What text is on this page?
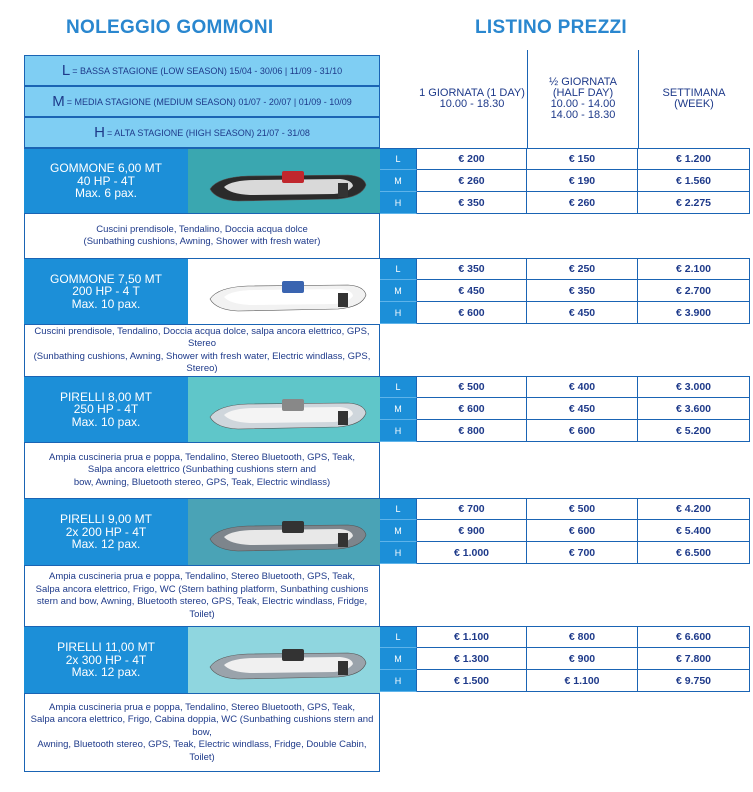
NOLEGGIO GOMMONI	LISTINO PREZZI
L = BASSA STAGIONE (LOW SEASON) 15/04 - 30/06 | 11/09 - 31/10
M = MEDIA STAGIONE (MEDIUM SEASON) 01/07 - 20/07 | 01/09 - 10/09
H = ALTA STAGIONE (HIGH SEASON) 21/07 - 31/08
1 GIORNATA (1 DAY)
10.00 - 18.30
½ GIORNATA
(HALF DAY)
10.00 - 14.00
14.00 - 18.30
SETTIMANA
(WEEK)
GOMMONE 6,00 MT
40 HP - 4T
Max. 6 pax.
Cuscini prendisole, Tendalino, Doccia acqua dolce
(Sunbathing cushions, Awning, Shower with fresh water)
L	€ 200	€ 150	€ 1.200
M	€ 260	€ 190	€ 1.560
H	€ 350	€ 260	€ 2.275
GOMMONE 7,50 MT
200 HP - 4 T
Max. 10 pax.
Cuscini prendisole, Tendalino, Doccia acqua dolce, salpa ancora elettrico, GPS, Stereo
(Sunbathing cushions, Awning, Shower with fresh water, Electric windlass, GPS, Stereo)
L	€ 350	€ 250	€ 2.100
M	€ 450	€ 350	€ 2.700
H	€ 600	€ 450	€ 3.900
PIRELLI 8,00 MT
250 HP - 4T
Max. 10 pax.
Ampia cuscineria prua e poppa, Tendalino, Stereo Bluetooth, GPS, Teak,
Salpa ancora elettrico (Sunbathing cushions stern and
bow, Awning, Bluetooth stereo, GPS, Teak, Electric windlass)
L	€ 500	€ 400	€ 3.000
M	€ 600	€ 450	€ 3.600
H	€ 800	€ 600	€ 5.200
PIRELLI 9,00 MT
2x 200 HP - 4T
Max. 12 pax.
Ampia cuscineria prua e poppa, Tendalino, Stereo Bluetooth, GPS, Teak,
Salpa ancora elettrico, Frigo, WC (Stern bathing platform, Sunbathing cushions
stern and bow, Awning, Bluetooth stereo, GPS, Teak, Electric windlass, Fridge, Toilet)
L	€ 700	€ 500	€ 4.200
M	€ 900	€ 600	€ 5.400
H	€ 1.000	€ 700	€ 6.500
PIRELLI 11,00 MT
2x 300 HP - 4T
Max. 12 pax.
Ampia cuscineria prua e poppa, Tendalino, Stereo Bluetooth, GPS, Teak,
Salpa ancora elettrico, Frigo, Cabina doppia, WC (Sunbathing cushions stern and bow,
Awning, Bluetooth stereo, GPS, Teak, Electric windlass, Fridge, Double Cabin, Toilet)
L	€ 1.100	€ 800	€ 6.600
M	€ 1.300	€ 900	€ 7.800
H	€ 1.500	€ 1.100	€ 9.750
